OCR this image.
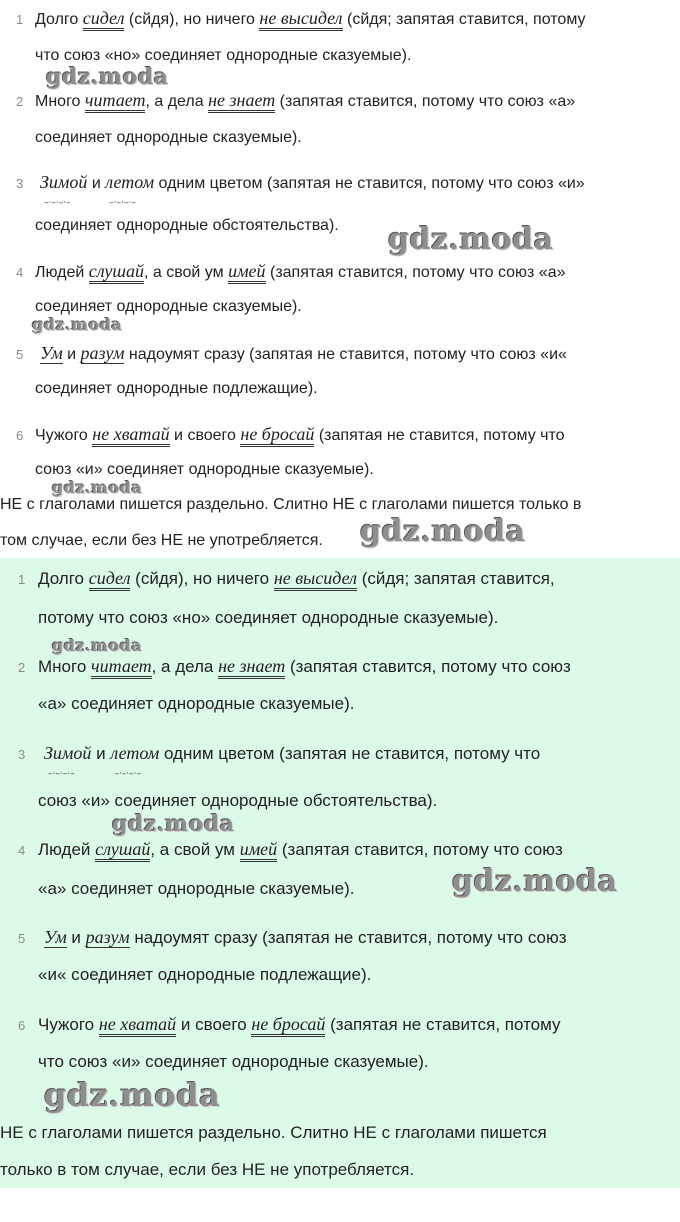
1 Долго сидел (сйдя), но ничего не высидел (сйдя; запятая ставится, потому
что союз «но» соединяет однородные сказуемые).
2 Много читает, а дела не знает (запятая ставится, потому что союз «а»
соединяет однородные сказуемые).
3 Зимой –·–·–·– и летом –·–·–·– одним цветом (запятая не ставится, потому что союз «и»
соединяет однородные обстоятельства).
4 Людей слушай, а свой ум имей (запятая ставится, потому что союз «а»
соединяет однородные сказуемые).
5 Ум и разум надоумят сразу (запятая не ставится, потому что союз «и«
соединяет однородные подлежащие).
6 Чужого не хватай и своего не бросай (запятая не ставится, потому что
союз «и» соединяет однородные сказуемые).
НЕ с глаголами пишется раздельно. Слитно НЕ с глаголами пишется только в
том случае, если без НЕ не употребляется.
gdz.moda
gdz.moda
gdz.moda
gdz.moda
gdz.moda
1 Долго сидел (сйдя), но ничего не высидел (сйдя; запятая ставится,
потому что союз «но» соединяет однородные сказуемые).
2 Много читает, а дела не знает (запятая ставится, потому что союз
«а» соединяет однородные сказуемые).
3 Зимой –·–·–·– и летом –·–·–·– одним цветом (запятая не ставится, потому что
союз «и» соединяет однородные обстоятельства).
4 Людей слушай, а свой ум имей (запятая ставится, потому что союз
«а» соединяет однородные сказуемые).
5 Ум и разум надоумят сразу (запятая не ставится, потому что союз
«и« соединяет однородные подлежащие).
6 Чужого не хватай и своего не бросай (запятая не ставится, потому
что союз «и» соединяет однородные сказуемые).
НЕ с глаголами пишется раздельно. Слитно НЕ с глаголами пишется
только в том случае, если без НЕ не употребляется.
gdz.moda
gdz.moda
gdz.moda
gdz.moda
